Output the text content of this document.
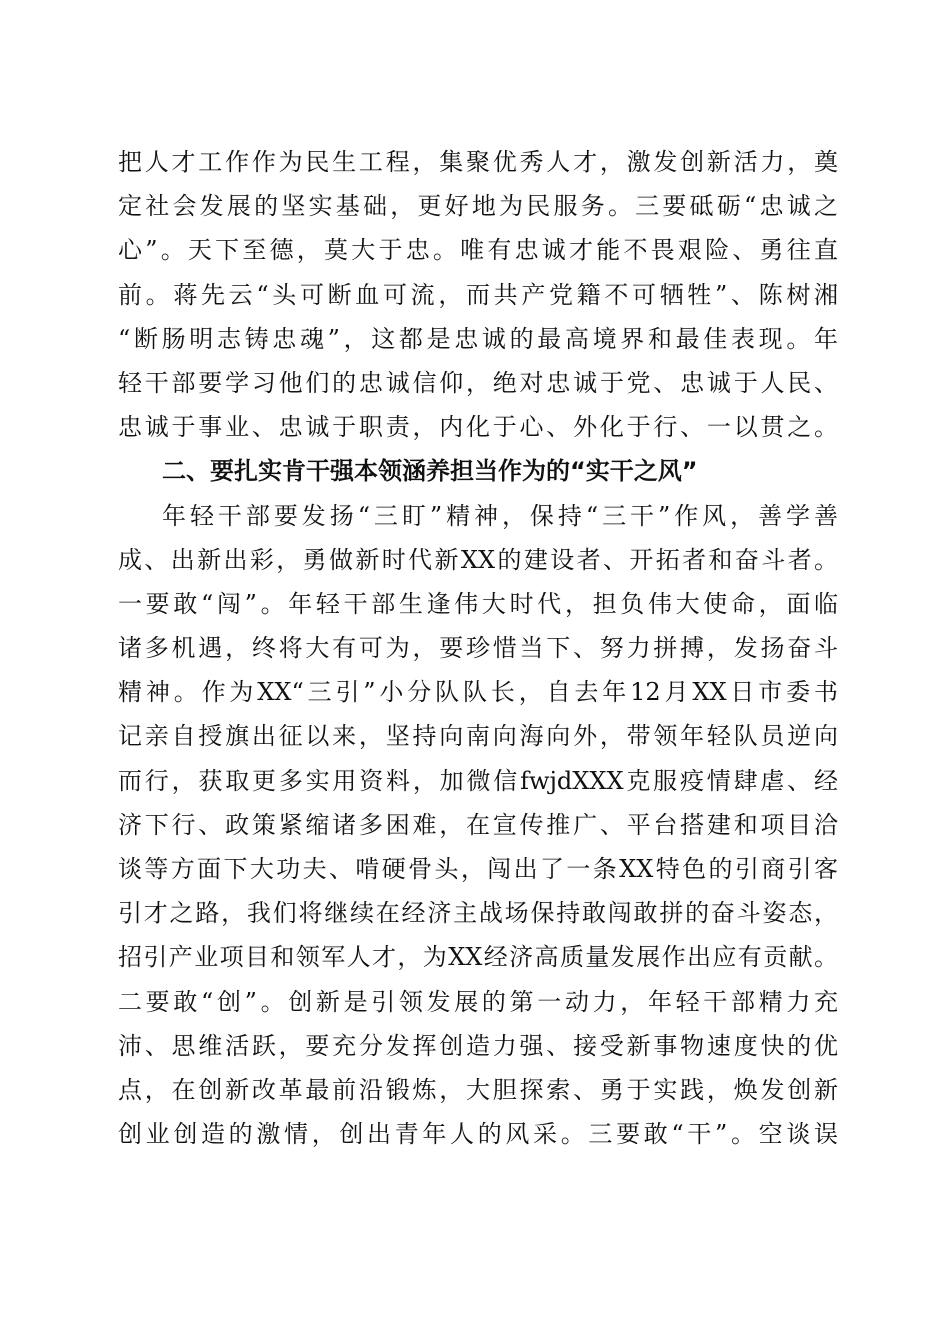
把人才工作作为民生工程，集聚优秀人才，激发创新活力，奠
定社会发展的坚实基础，更好地为民服务。三要砥砺“忠诚之
心”。天下至德，莫大于忠。唯有忠诚才能不畏艰险、勇往直
前。蒋先云“头可断血可流，而共产党籍不可牺牲”、陈树湘
“断肠明志铸忠魂”，这都是忠诚的最高境界和最佳表现。年
轻干部要学习他们的忠诚信仰，绝对忠诚于党、忠诚于人民、
忠诚于事业、忠诚于职责，内化于心、外化于行、一以贯之。
二、要扎实肯干强本领涵养担当作为的“实干之风”
年轻干部要发扬“三盯”精神，保持“三干”作风，善学善
成、出新出彩，勇做新时代新XX的建设者、开拓者和奋斗者。
一要敢“闯”。年轻干部生逢伟大时代，担负伟大使命，面临
诸多机遇，终将大有可为，要珍惜当下、努力拼搏，发扬奋斗
精神。作为XX“三引”小分队队长，自去年12月XX日市委书
记亲自授旗出征以来，坚持向南向海向外，带领年轻队员逆向
而行，获取更多实用资料，加微信fwjdXXX克服疫情肆虐、经
济下行、政策紧缩诸多困难，在宣传推广、平台搭建和项目洽
谈等方面下大功夫、啃硬骨头，闯出了一条XX特色的引商引客
引才之路，我们将继续在经济主战场保持敢闯敢拼的奋斗姿态，
招引产业项目和领军人才，为XX经济高质量发展作出应有贡献。
二要敢“创”。创新是引领发展的第一动力，年轻干部精力充
沛、思维活跃，要充分发挥创造力强、接受新事物速度快的优
点，在创新改革最前沿锻炼，大胆探索、勇于实践，焕发创新
创业创造的激情，创出青年人的风采。三要敢“干”。空谈误
